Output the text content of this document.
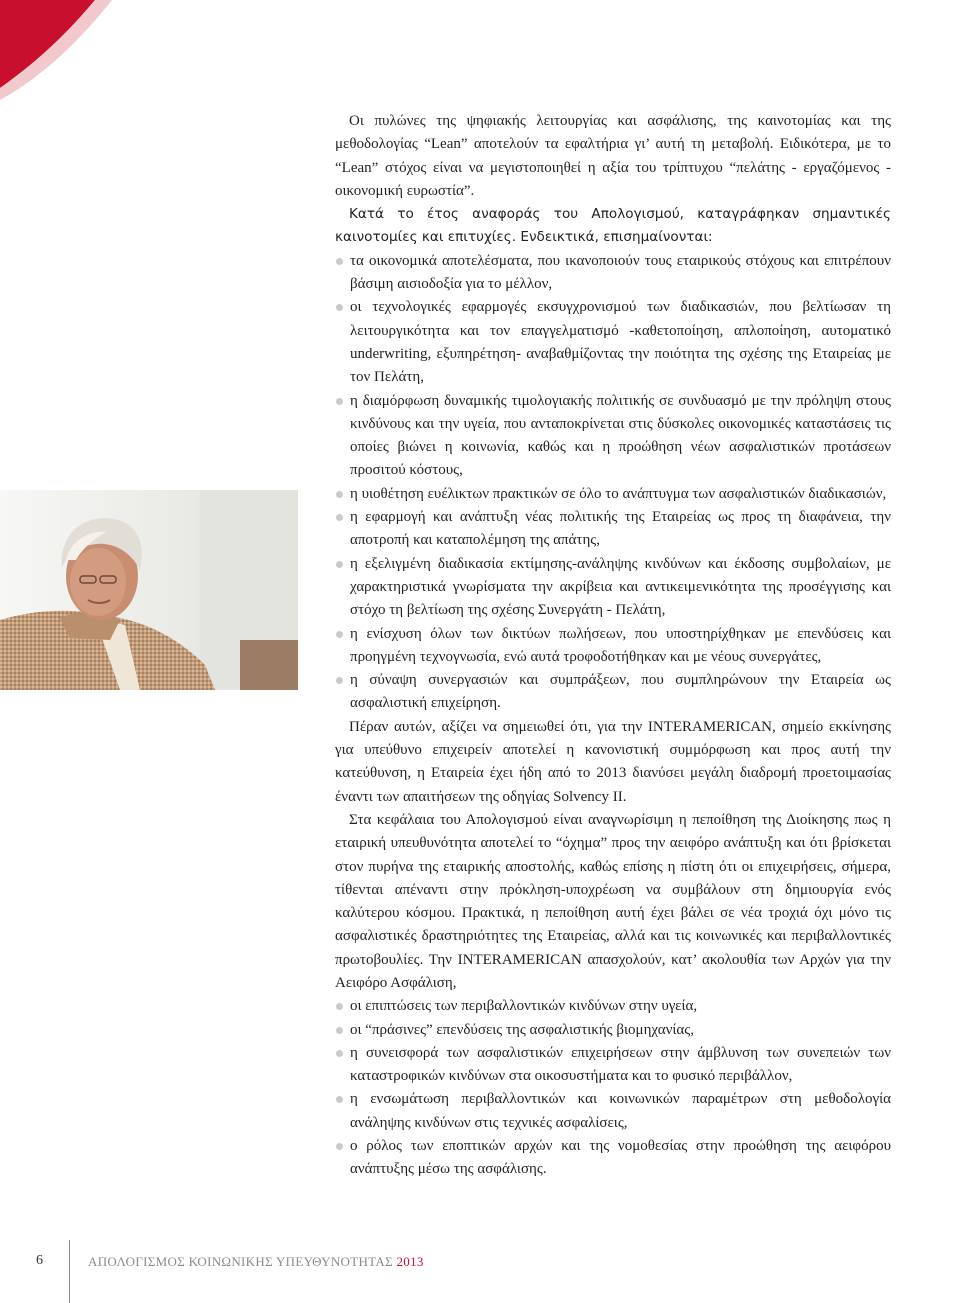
Οι πυλώνες της ψηφιακής λειτουργίας και ασφάλισης, της καινοτομίας και της μεθοδολογίας “Lean” αποτελούν τα εφαλτήρια γι’ αυτή τη μεταβολή. Ειδικότερα, με το “Lean” στόχος είναι να μεγιστοποιηθεί η αξία του τρίπτυχου “πελάτης - εργαζόμενος - οικονομική ευρωστία”.

Κατά το έτος αναφοράς του Απολογισμού, καταγράφηκαν σημαντικές καινοτομίες και επιτυχίες. Ενδεικτικά, επισημαίνονται:

τα οικονομικά αποτελέσματα, που ικανοποιούν τους εταιρικούς στόχους και επιτρέπουν βάσιμη αισιοδοξία για το μέλλον,
οι τεχνολογικές εφαρμογές εκσυγχρονισμού των διαδικασιών, που βελτίωσαν τη λειτουργικότητα και τον επαγγελματισμό -καθετοποίηση, απλοποίηση, αυτοματικό underwriting, εξυπηρέτηση- αναβαθμίζοντας την ποιότητα της σχέσης της Εταιρείας με τον Πελάτη,
η διαμόρφωση δυναμικής τιμολογιακής πολιτικής σε συνδυασμό με την πρόληψη στους κινδύνους και την υγεία, που ανταποκρίνεται στις δύσκολες οικονομικές καταστάσεις τις οποίες βιώνει η κοινωνία, καθώς και η προώθηση νέων ασφαλιστικών προτάσεων προσιτού κόστους,
η υιοθέτηση ευέλικτων πρακτικών σε όλο το ανάπτυγμα των ασφαλιστικών διαδικασιών,
η εφαρμογή και ανάπτυξη νέας πολιτικής της Εταιρείας ως προς τη διαφάνεια, την αποτροπή και καταπολέμηση της απάτης,
η εξελιγμένη διαδικασία εκτίμησης-ανάληψης κινδύνων και έκδοσης συμβολαίων, με χαρακτηριστικά γνωρίσματα την ακρίβεια και αντικειμενικότητα της προσέγγισης και στόχο τη βελτίωση της σχέσης Συνεργάτη - Πελάτη,
η ενίσχυση όλων των δικτύων πωλήσεων, που υποστηρίχθηκαν με επενδύσεις και προηγμένη τεχνογνωσία, ενώ αυτά τροφοδοτήθηκαν και με νέους συνεργάτες,
η σύναψη συνεργασιών και συμπράξεων, που συμπληρώνουν την Εταιρεία ως ασφαλιστική επιχείρηση.

Πέραν αυτών, αξίζει να σημειωθεί ότι, για την INTERAMERICAN, σημείο εκκίνησης για υπεύθυνο επιχειρείν αποτελεί η κανονιστική συμμόρφωση και προς αυτή την κατεύθυνση, η Εταιρεία έχει ήδη από το 2013 διανύσει μεγάλη διαδρομή προετοιμασίας έναντι των απαιτήσεων της οδηγίας Solvency II.

Στα κεφάλαια του Απολογισμού είναι αναγνωρίσιμη η πεποίθηση της Διοίκησης πως η εταιρική υπευθυνότητα αποτελεί το “όχημα” προς την αειφόρο ανάπτυξη και ότι βρίσκεται στον πυρήνα της εταιρικής αποστολής, καθώς επίσης η πίστη ότι οι επιχειρήσεις, σήμερα, τίθενται απέναντι στην πρόκληση-υποχρέωση να συμβάλουν στη δημιουργία ενός καλύτερου κόσμου. Πρακτικά, η πεποίθηση αυτή έχει βάλει σε νέα τροχιά όχι μόνο τις ασφαλιστικές δραστηριότητες της Εταιρείας, αλλά και τις κοινωνικές και περιβαλλοντικές πρωτοβουλίες. Την INTERAMERICAN απασχολούν, κατ’ ακολουθία των Αρχών για την Αειφόρο Ασφάλιση,

οι επιπτώσεις των περιβαλλοντικών κινδύνων στην υγεία,
οι “πράσινες” επενδύσεις της ασφαλιστικής βιομηχανίας,
η συνεισφορά των ασφαλιστικών επιχειρήσεων στην άμβλυνση των συνεπειών των καταστροφικών κινδύνων στα οικοσυστήματα και το φυσικό περιβάλλον,
η ενσωμάτωση περιβαλλοντικών και κοινωνικών παραμέτρων στη μεθοδολογία ανάληψης κινδύνων στις τεχνικές ασφαλίσεις,
ο ρόλος των εποπτικών αρχών και της νομοθεσίας στην προώθηση της αειφόρου ανάπτυξης μέσω της ασφάλισης.
6	ΑΠΟΛΟΓΙΣΜΟΣ ΚΟΙΝΩΝΙΚΗΣ ΥΠΕΥΘΥΝΟΤΗΤΑΣ 2013
